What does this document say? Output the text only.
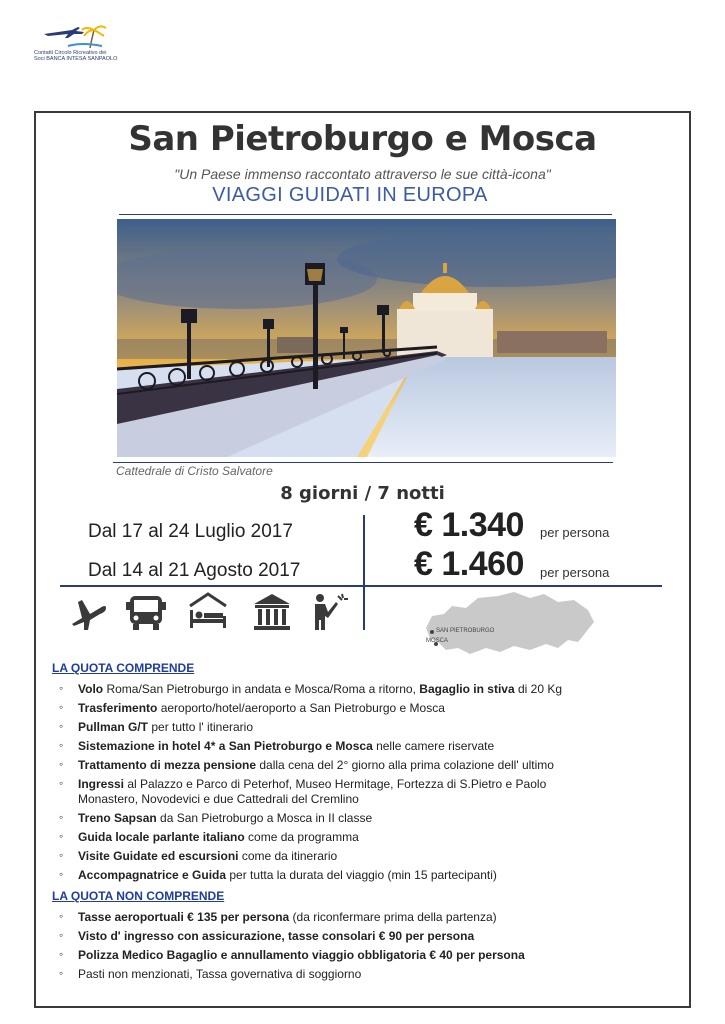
Contatti Circolo Ricreativo dei
Soci BANCA INTESA SANPAOLO
San Pietroburgo e Mosca
"Un Paese immenso raccontato attraverso le sue città-icona"
VIAGGI GUIDATI IN EUROPA
Cattedrale di Cristo Salvatore
8 giorni / 7 notti
Dal 17 al 24 Luglio 2017	€ 1.340 per persona
Dal 14 al 21 Agosto 2017	€ 1.460 per persona
SAN PIETROBURGO
MOSCA
LA QUOTA COMPRENDE
◦ Volo Roma/San Pietroburgo in andata e Mosca/Roma a ritorno, Bagaglio in stiva di 20 Kg
◦ Trasferimento aeroporto/hotel/aeroporto a San Pietroburgo e Mosca
◦ Pullman G/T per tutto l' itinerario
◦ Sistemazione in hotel 4* a San Pietroburgo e Mosca nelle camere riservate
◦ Trattamento di mezza pensione dalla cena del 2° giorno alla prima colazione dell' ultimo
◦ Ingressi al Palazzo e Parco di Peterhof, Museo Hermitage, Fortezza di S.Pietro e Paolo Monastero, Novodevici e due Cattedrali del Cremlino
◦ Treno Sapsan da San Pietroburgo a Mosca in II classe
◦ Guida locale parlante italiano come da programma
◦ Visite Guidate ed escursioni come da itinerario
◦ Accompagnatrice e Guida per tutta la durata del viaggio (min 15 partecipanti)
LA QUOTA NON COMPRENDE
◦ Tasse aeroportuali € 135 per persona (da riconfermare prima della partenza)
◦ Visto d' ingresso con assicurazione, tasse consolari € 90 per persona
◦ Polizza Medico Bagaglio e annullamento viaggio obbligatoria € 40 per persona
◦ Pasti non menzionati, Tassa governativa di soggiorno
